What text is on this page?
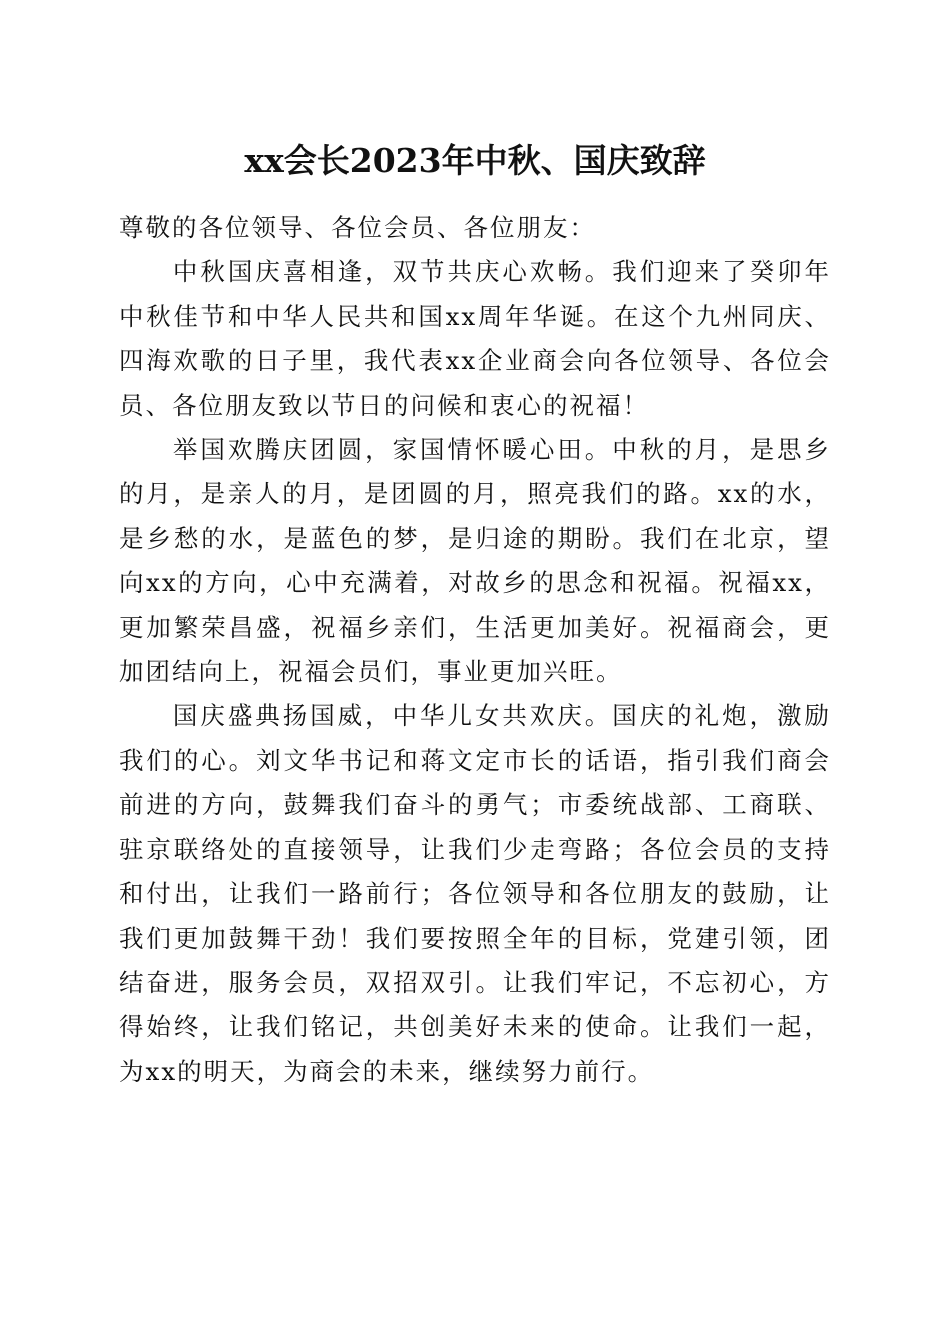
xx会长2023年中秋、国庆致辞

尊敬的各位领导、各位会员、各位朋友：

中秋国庆喜相逢，双节共庆心欢畅。我们迎来了癸卯年中秋佳节和中华人民共和国xx周年华诞。在这个九州同庆、四海欢歌的日子里，我代表xx企业商会向各位领导、各位会员、各位朋友致以节日的问候和衷心的祝福！

举国欢腾庆团圆，家国情怀暖心田。中秋的月，是思乡的月，是亲人的月，是团圆的月，照亮我们的路。xx的水，是乡愁的水，是蓝色的梦，是归途的期盼。我们在北京，望向xx的方向，心中充满着，对故乡的思念和祝福。祝福xx，更加繁荣昌盛，祝福乡亲们，生活更加美好。祝福商会，更加团结向上，祝福会员们，事业更加兴旺。

国庆盛典扬国威，中华儿女共欢庆。国庆的礼炮，激励我们的心。刘文华书记和蒋文定市长的话语，指引我们商会前进的方向，鼓舞我们奋斗的勇气；市委统战部、工商联、驻京联络处的直接领导，让我们少走弯路；各位会员的支持和付出，让我们一路前行；各位领导和各位朋友的鼓励，让我们更加鼓舞干劲！我们要按照全年的目标，党建引领，团结奋进，服务会员，双招双引。让我们牢记，不忘初心，方得始终，让我们铭记，共创美好未来的使命。让我们一起，为xx的明天，为商会的未来，继续努力前行。
